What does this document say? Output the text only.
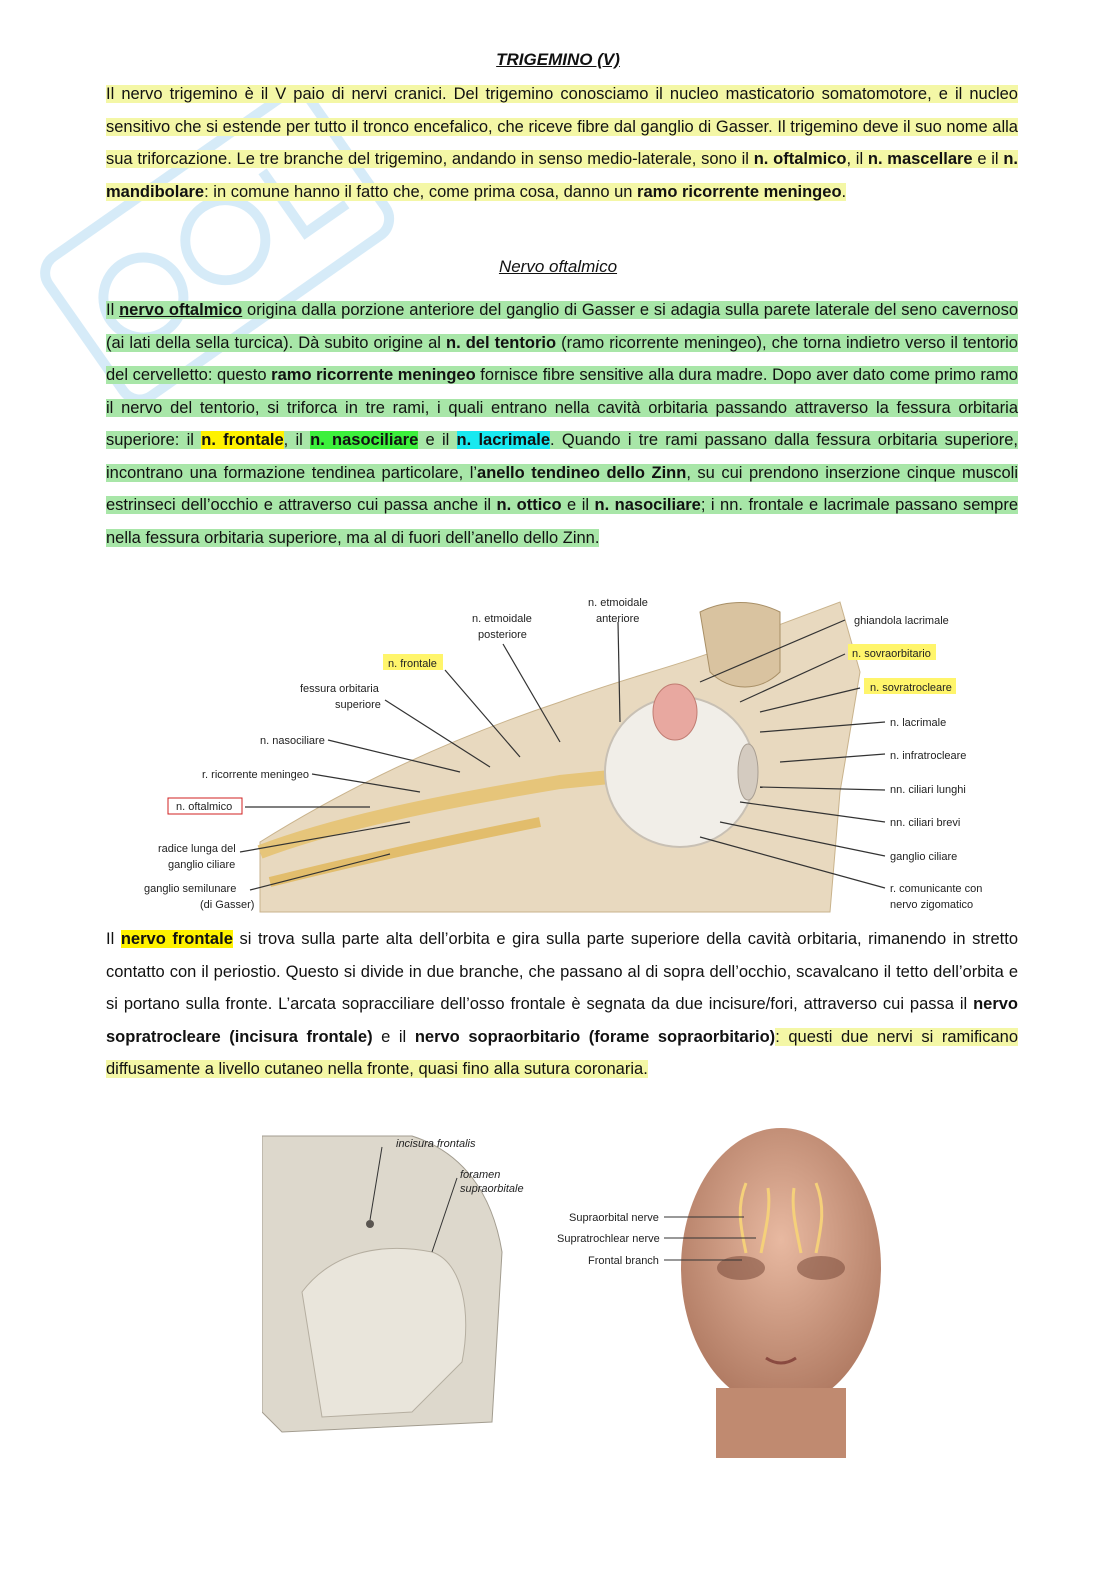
TRIGEMINO (V)
Il nervo trigemino è il V paio di nervi cranici. Del trigemino conosciamo il nucleo masticatorio somatomotore, e il nucleo sensitivo che si estende per tutto il tronco encefalico, che riceve fibre dal ganglio di Gasser. Il trigemino deve il suo nome alla sua triforcazione. Le tre branche del trigemino, andando in senso medio-laterale, sono il n. oftalmico, il n. mascellare e il n. mandibolare: in comune hanno il fatto che, come prima cosa, danno un ramo ricorrente meningeo.
Nervo oftalmico
Il nervo oftalmico origina dalla porzione anteriore del ganglio di Gasser e si adagia sulla parete laterale del seno cavernoso (ai lati della sella turcica). Dà subito origine al n. del tentorio (ramo ricorrente meningeo), che torna indietro verso il tentorio del cervelletto: questo ramo ricorrente meningeo fornisce fibre sensitive alla dura madre. Dopo aver dato come primo ramo il nervo del tentorio, si triforca in tre rami, i quali entrano nella cavità orbitaria passando attraverso la fessura orbitaria superiore: il n. frontale, il n. nasociliare e il n. lacrimale. Quando i tre rami passano dalla fessura orbitaria superiore, incontrano una formazione tendinea particolare, l’anello tendineo dello Zinn, su cui prendono inserzione cinque muscoli estrinseci dell’occhio e attraverso cui passa anche il n. ottico e il n. nasociliare; i nn. frontale e lacrimale passano sempre nella fessura orbitaria superiore, ma al di fuori dell’anello dello Zinn.
n. frontale
fessura orbitaria
superiore
n. nasociliare
r. ricorrente meningeo
n. oftalmico
radice lunga del
ganglio ciliare
ganglio semilunare
(di Gasser)
n. etmoidale
posteriore
n. etmoidale
anteriore	ghiandola lacrimale
n. sovraorbitario
n. sovratrocleare
n. lacrimale
n. infratrocleare
nn. ciliari lunghi
nn. ciliari brevi
ganglio ciliare
r. comunicante con
nervo zigomatico
Il nervo frontale si trova sulla parte alta dell’orbita e gira sulla parte superiore della cavità orbitaria, rimanendo in stretto contatto con il periostio. Questo si divide in due branche, che passano al di sopra dell’occhio, scavalcano il tetto dell’orbita e si portano sulla fronte. L’arcata sopracciliare dell’osso frontale è segnata da due incisure/fori, attraverso cui passa il nervo sopratrocleare (incisura frontale) e il nervo sopraorbitario (forame sopraorbitario): questi due nervi si ramificano diffusamente a livello cutaneo nella fronte, quasi fino alla sutura coronaria.
incisura frontalis
foramen
supraorbitale
Supraorbital nerve
Supratrochlear nerve
Frontal branch
